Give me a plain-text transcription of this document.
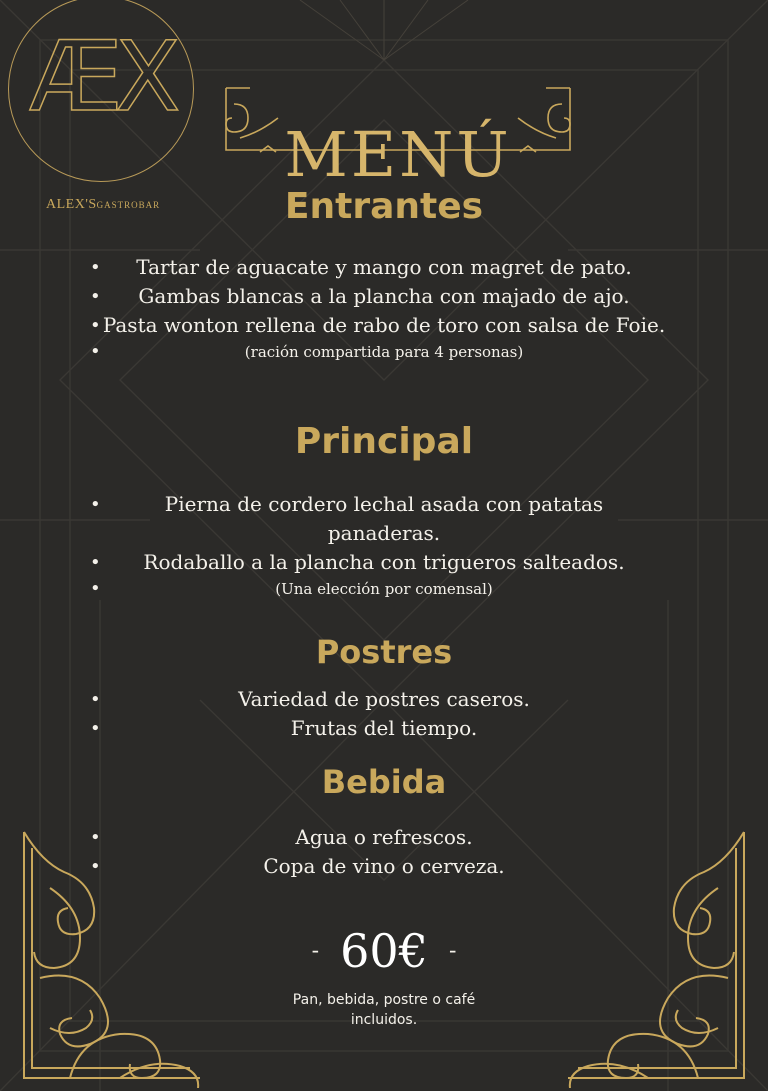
ÆX
ALEX'SGASTROBAR
MENÚ
Entrantes
• Tartar de aguacate y mango con magret de pato.
• Gambas blancas a la plancha con majado de ajo.
• Pasta wonton rellena de rabo de toro con salsa de Foie.
•	(ración compartida para 4 personas)
Principal
•	Pierna de cordero lechal asada con patatas panaderas.
• Rodaballo a la plancha con trigueros salteados.
•	(Una elección por comensal)
Postres
•	Variedad de postres caseros.
•	Frutas del tiempo.
Bebida
•	Agua o refrescos.
•	Copa de vino o cerveza.
- 60€ -
Pan, bebida, postre o café incluidos.
